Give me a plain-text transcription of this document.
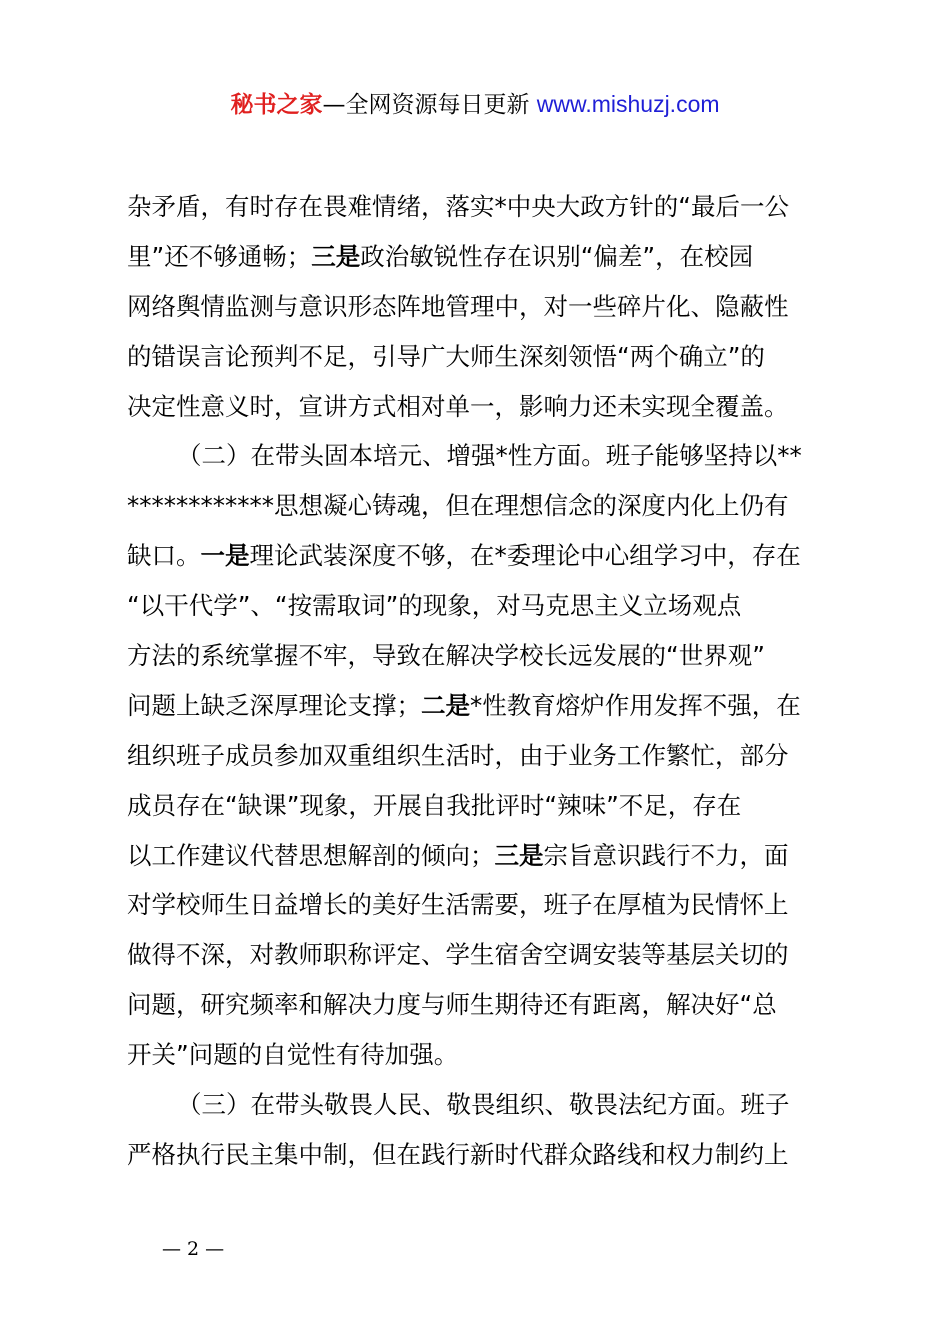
秘书之家—全网资源每日更新 www.mishuzj.com
杂矛盾，有时存在畏难情绪，落实*中央大政方针的“最后一公
里”还不够通畅；三是政治敏锐性存在识别“偏差”，在校园
网络舆情监测与意识形态阵地管理中，对一些碎片化、隐蔽性
的错误言论预判不足，引导广大师生深刻领悟“两个确立”的
决定性意义时，宣讲方式相对单一，影响力还未实现全覆盖。
（二）在带头固本培元、增强*性方面。班子能够坚持以**
************思想凝心铸魂，但在理想信念的深度内化上仍有
缺口。一是理论武装深度不够，在*委理论中心组学习中，存在
“以干代学”、“按需取词”的现象，对马克思主义立场观点
方法的系统掌握不牢，导致在解决学校长远发展的“世界观”
问题上缺乏深厚理论支撑；二是*性教育熔炉作用发挥不强，在
组织班子成员参加双重组织生活时，由于业务工作繁忙，部分
成员存在“缺课”现象，开展自我批评时“辣味”不足，存在
以工作建议代替思想解剖的倾向；三是宗旨意识践行不力，面
对学校师生日益增长的美好生活需要，班子在厚植为民情怀上
做得不深，对教师职称评定、学生宿舍空调安装等基层关切的
问题，研究频率和解决力度与师生期待还有距离，解决好“总
开关”问题的自觉性有待加强。
（三）在带头敬畏人民、敬畏组织、敬畏法纪方面。班子
严格执行民主集中制，但在践行新时代群众路线和权力制约上
— 2 —
